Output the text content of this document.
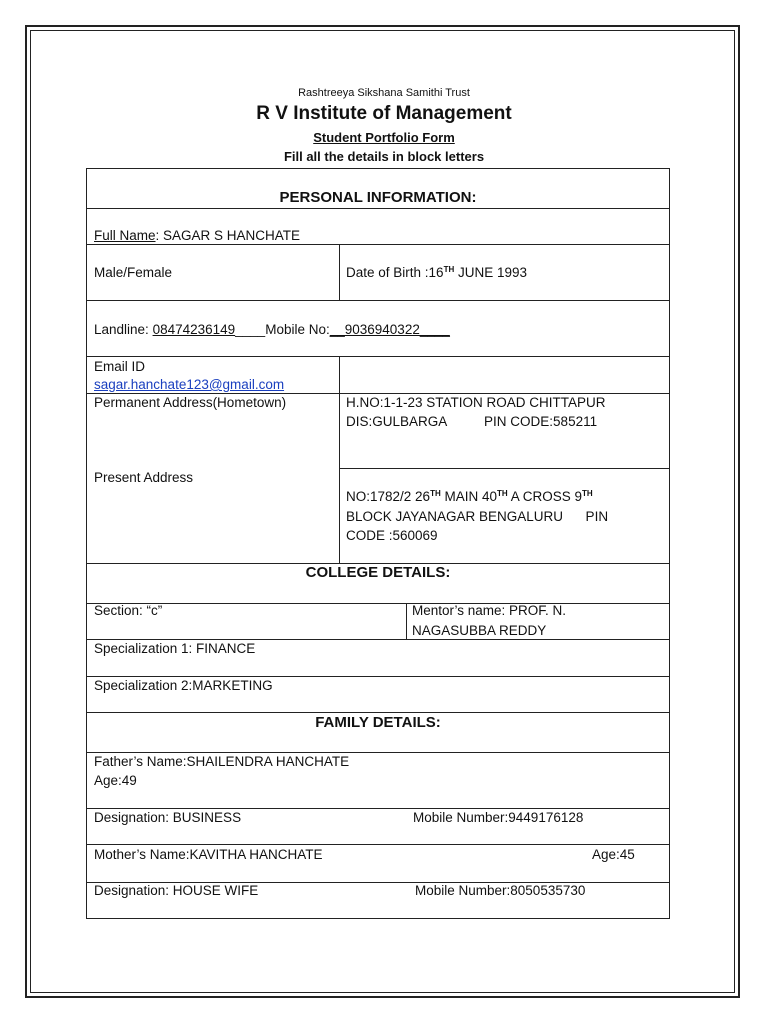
Rashtreeya Sikshana Samithi Trust
R V Institute of Management
Student Portfolio Form
Fill all the details in block letters
PERSONAL INFORMATION:
Full Name: SAGAR S HANCHATE
Male/Female	Date of Birth :16TH JUNE 1993
Landline: 08474236149____Mobile No:__9036940322____
Email ID
sagar.hanchate123@gmail.com
Permanent Address(Hometown)	H.NO:1-1-23 STATION ROAD CHITTAPUR
DIS:GULBARGA          PIN CODE:585211
Present Address
NO:1782/2 26TH MAIN 40TH A CROSS 9TH
BLOCK JAYANAGAR BENGALURU      PIN
CODE :560069
COLLEGE DETAILS:
Section: “c”	Mentor’s name: PROF. N.
NAGASUBBA REDDY
Specialization 1: FINANCE
Specialization 2:MARKETING
FAMILY DETAILS:
Father’s Name:SHAILENDRA HANCHATE
Age:49
Designation: BUSINESS	Mobile Number:9449176128
Mother’s Name:KAVITHA HANCHATE	Age:45
Designation: HOUSE WIFE	Mobile Number:8050535730
